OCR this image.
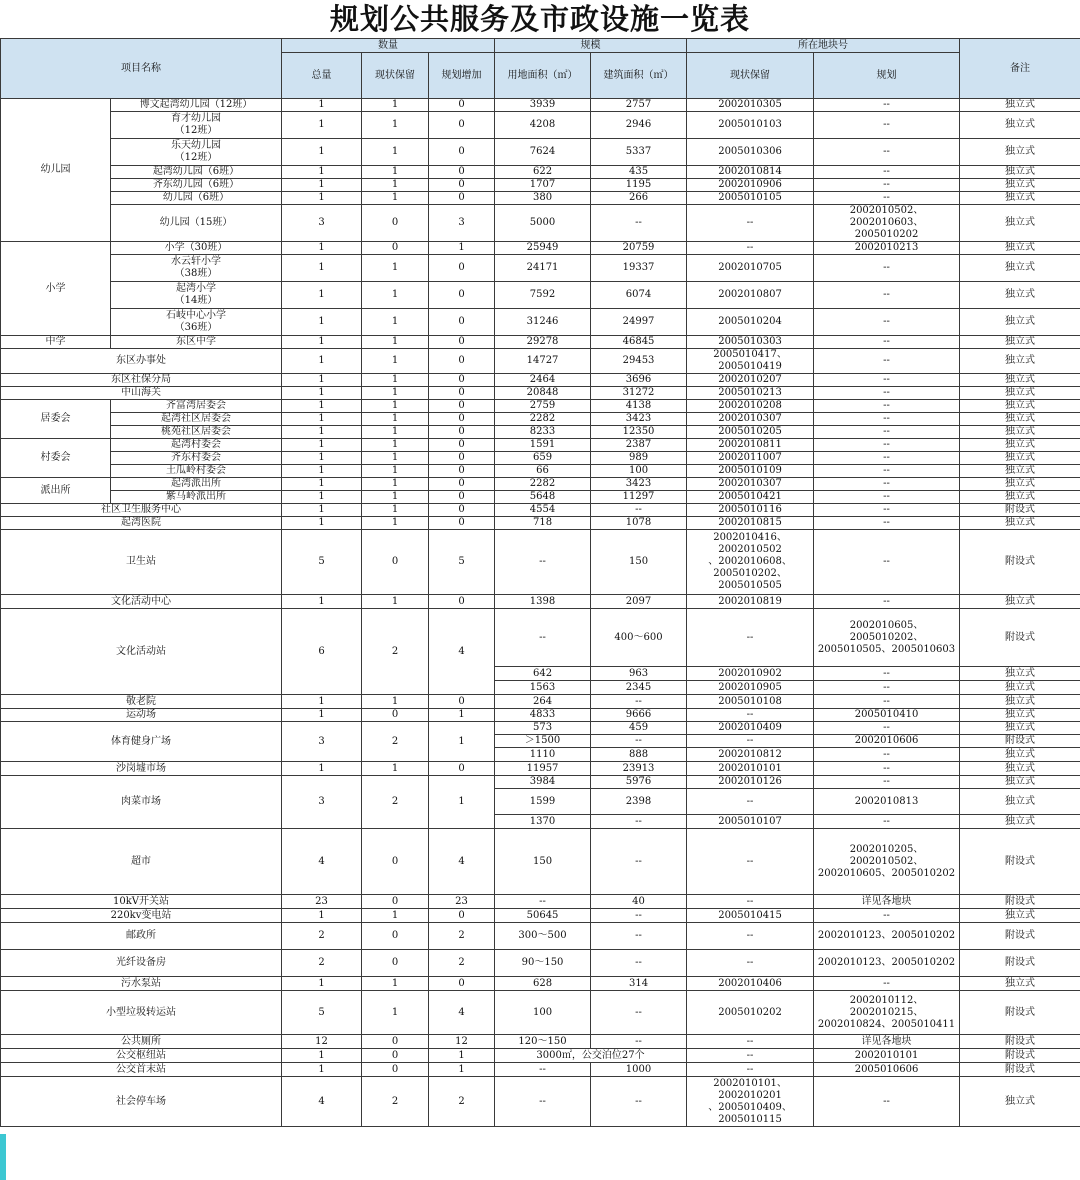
规划公共服务及市政设施一览表
项目名称		数量			规模		所在地块号		备注
		总量	现状保留	规划增加	用地面积（㎡）	建筑面积（㎡）	现状保留	规划	
幼儿园	博文起湾幼儿园（12班）	1	1	0	3939	2757	2002010305	--	独立式
	育才幼儿园
（12班）	1	1	0	4208	2946	2005010103	--	独立式
	乐天幼儿园
（12班）	1	1	0	7624	5337	2005010306	--	独立式
	起湾幼儿园（6班）	1	1	0	622	435	2002010814	--	独立式
	齐东幼儿园（6班）	1	1	0	1707	1195	2002010906	--	独立式
	幼儿园（6班）	1	1	0	380	266	2005010105	--	独立式
	幼儿园（15班）	3	0	3	5000	--	--	2002010502、2002010603、
2005010202	独立式
小学	小学（30班）	1	0	1	25949	20759	--	2002010213	独立式
	水云轩小学
（38班）	1	1	0	24171	19337	2002010705	--	独立式
	起湾小学
（14班）	1	1	0	7592	6074	2002010807	--	独立式
	石岐中心小学
（36班）	1	1	0	31246	24997	2005010204	--	独立式
中学	东区中学	1	1	0	29278	46845	2005010303	--	独立式
东区办事处		1	1	0	14727	29453	2005010417、2005010419	--	独立式
东区社保分局		1	1	0	2464	3696	2002010207	--	独立式
中山海关		1	1	0	20848	31272	2005010213	--	独立式
居委会	齐富湾居委会	1	1	0	2759	4138	2002010208	--	独立式
	起湾社区居委会	1	1	0	2282	3423	2002010307	--	独立式
	桃苑社区居委会	1	1	0	8233	12350	2005010205	--	独立式
村委会	起湾村委会	1	1	0	1591	2387	2002010811	--	独立式
	齐东村委会	1	1	0	659	989	2002011007	--	独立式
	土瓜岭村委会	1	1	0	66	100	2005010109	--	独立式
派出所	起湾派出所	1	1	0	2282	3423	2002010307	--	独立式
	紫马岭派出所	1	1	0	5648	11297	2005010421	--	独立式
社区卫生服务中心		1	1	0	4554	--	2005010116	--	附设式
起湾医院		1	1	0	718	1078	2002010815	--	独立式
卫生站		5	0	5	--	150	2002010416、2002010502
、2002010608、
2005010202、2005010505	--	附设式
文化活动中心		1	1	0	1398	2097	2002010819	--	独立式
文化活动站		6	2	4	--	400～600	--	2002010605、2005010202、
2005010505、2005010603	附设式
					642	963	2002010902	--	独立式
					1563	2345	2002010905	--	独立式
敬老院		1	1	0	264	--	2005010108	--	独立式
运动场		1	0	1	4833	9666	--	2005010410	独立式
体育健身广场		3	2	1	573	459	2002010409	--	独立式
					＞1500	--	--	2002010606	附设式
					1110	888	2002010812	--	独立式
沙岗墟市场		1	1	0	11957	23913	2002010101	--	独立式
肉菜市场		3	2	1	3984	5976	2002010126	--	独立式
					1599	2398	--	2002010813	独立式
					1370	--	2005010107	--	独立式
超市		4	0	4	150	--	--	2002010205、2002010502、
2002010605、2005010202	附设式
10kV开关站		23	0	23	--	40	--	详见各地块	附设式
220kv变电站		1	1	0	50645	--	2005010415	--	独立式
邮政所		2	0	2	300～500	--	--	2002010123、2005010202	附设式
光纤设备房		2	0	2	90～150	--	--	2002010123、2005010202	附设式
污水泵站		1	1	0	628	314	2002010406	--	独立式
小型垃圾转运站		5	1	4	100	--	2005010202	2002010112、2002010215、
2002010824、2005010411	附设式
公共厕所		12	0	12	120～150	--	--	详见各地块	附设式
公交枢纽站		1	0	1	3000㎡，公交泊位27个		--	2002010101	附设式
公交首末站		1	0	1	--	1000	--	2005010606	附设式
社会停车场		4	2	2	--	--	2002010101、2002010201
、2005010409、
2005010115	--	独立式
